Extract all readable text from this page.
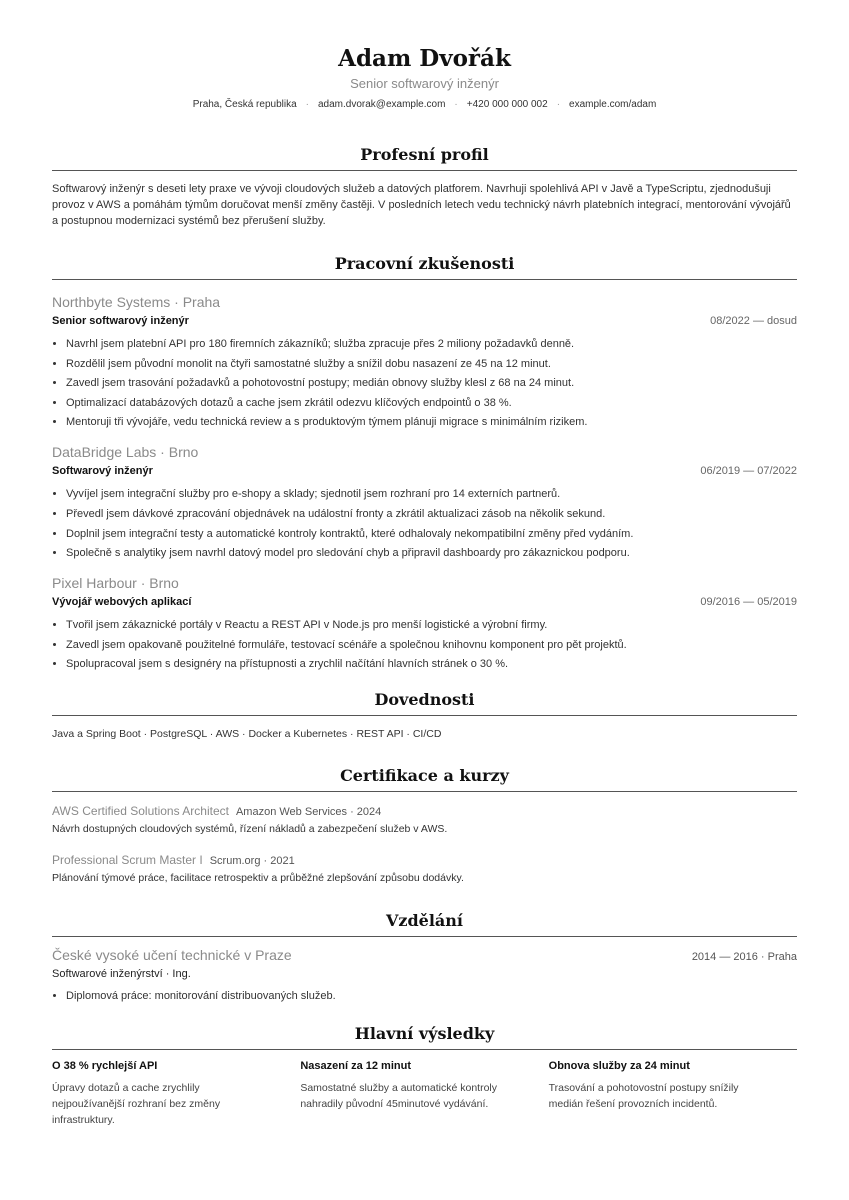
Adam Dvořák
Senior softwarový inženýr
Praha, Česká republika · adam.dvorak@example.com · +420 000 000 002 · example.com/adam
Profesní profil
Softwarový inženýr s deseti lety praxe ve vývoji cloudových služeb a datových platforem. Navrhuji spolehlivá API v Javě a TypeScriptu, zjednodušuji provoz v AWS a pomáhám týmům doručovat menší změny častěji. V posledních letech vedu technický návrh platebních integrací, mentorování vývojářů a postupnou modernizaci systémů bez přerušení služby.
Pracovní zkušenosti
Northbyte Systems · Praha
Senior softwarový inženýr	08/2022 — dosud
• Navrhl jsem platební API pro 180 firemních zákazníků; služba zpracuje přes 2 miliony požadavků denně.
• Rozdělil jsem původní monolit na čtyři samostatné služby a snížil dobu nasazení ze 45 na 12 minut.
• Zavedl jsem trasování požadavků a pohotovostní postupy; medián obnovy služby klesl z 68 na 24 minut.
• Optimalizací databázových dotazů a cache jsem zkrátil odezvu klíčových endpointů o 38 %.
• Mentoruji tři vývojáře, vedu technická review a s produktovým týmem plánuji migrace s minimálním rizikem.
DataBridge Labs · Brno
Softwarový inženýr	06/2019 — 07/2022
• Vyvíjel jsem integrační služby pro e-shopy a sklady; sjednotil jsem rozhraní pro 14 externích partnerů.
• Převedl jsem dávkové zpracování objednávek na událostní fronty a zkrátil aktualizaci zásob na několik sekund.
• Doplnil jsem integrační testy a automatické kontroly kontraktů, které odhalovaly nekompatibilní změny před vydáním.
• Společně s analytiky jsem navrhl datový model pro sledování chyb a připravil dashboardy pro zákaznickou podporu.
Pixel Harbour · Brno
Vývojář webových aplikací	09/2016 — 05/2019
• Tvořil jsem zákaznické portály v Reactu a REST API v Node.js pro menší logistické a výrobní firmy.
• Zavedl jsem opakovaně použitelné formuláře, testovací scénáře a společnou knihovnu komponent pro pět projektů.
• Spolupracoval jsem s designéry na přístupnosti a zrychlil načítání hlavních stránek o 30 %.
Dovednosti
Java a Spring Boot · PostgreSQL · AWS · Docker a Kubernetes · REST API · CI/CD
Certifikace a kurzy
AWS Certified Solutions Architect Amazon Web Services · 2024
Návrh dostupných cloudových systémů, řízení nákladů a zabezpečení služeb v AWS.
Professional Scrum Master I Scrum.org · 2021
Plánování týmové práce, facilitace retrospektiv a průběžné zlepšování způsobu dodávky.
Vzdělání
České vysoké učení technické v Praze	2014 — 2016 · Praha
Softwarové inženýrství · Ing.
• Diplomová práce: monitorování distribuovaných služeb.
Hlavní výsledky
O 38 % rychlejší API
Úpravy dotazů a cache zrychlily nejpoužívanější rozhraní bez změny infrastruktury.
Nasazení za 12 minut
Samostatné služby a automatické kontroly nahradily původní 45minutové vydávání.
Obnova služby za 24 minut
Trasování a pohotovostní postupy snížily medián řešení provozních incidentů.
